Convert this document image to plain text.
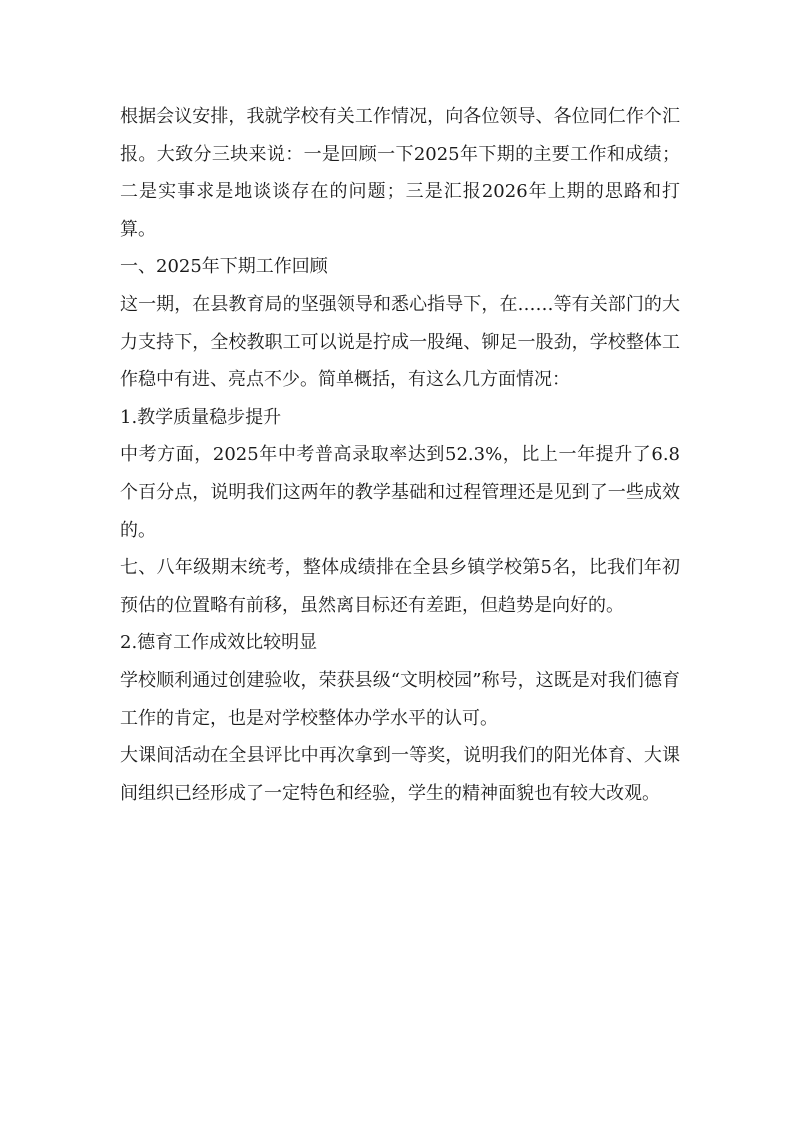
根据会议安排，我就学校有关工作情况，向各位领导、各位同仁作个汇报。大致分三块来说：一是回顾一下2025年下期的主要工作和成绩；二是实事求是地谈谈存在的问题；三是汇报2026年上期的思路和打算。

一、2025年下期工作回顾

这一期，在县教育局的坚强领导和悉心指导下，在……等有关部门的大力支持下，全校教职工可以说是拧成一股绳、铆足一股劲，学校整体工作稳中有进、亮点不少。简单概括，有这么几方面情况：

1.教学质量稳步提升

中考方面，2025年中考普高录取率达到52.3%，比上一年提升了6.8个百分点，说明我们这两年的教学基础和过程管理还是见到了一些成效的。

七、八年级期末统考，整体成绩排在全县乡镇学校第5名，比我们年初预估的位置略有前移，虽然离目标还有差距，但趋势是向好的。

2.德育工作成效比较明显

学校顺利通过创建验收，荣获县级“文明校园”称号，这既是对我们德育工作的肯定，也是对学校整体办学水平的认可。

大课间活动在全县评比中再次拿到一等奖，说明我们的阳光体育、大课间组织已经形成了一定特色和经验，学生的精神面貌也有较大改观。
